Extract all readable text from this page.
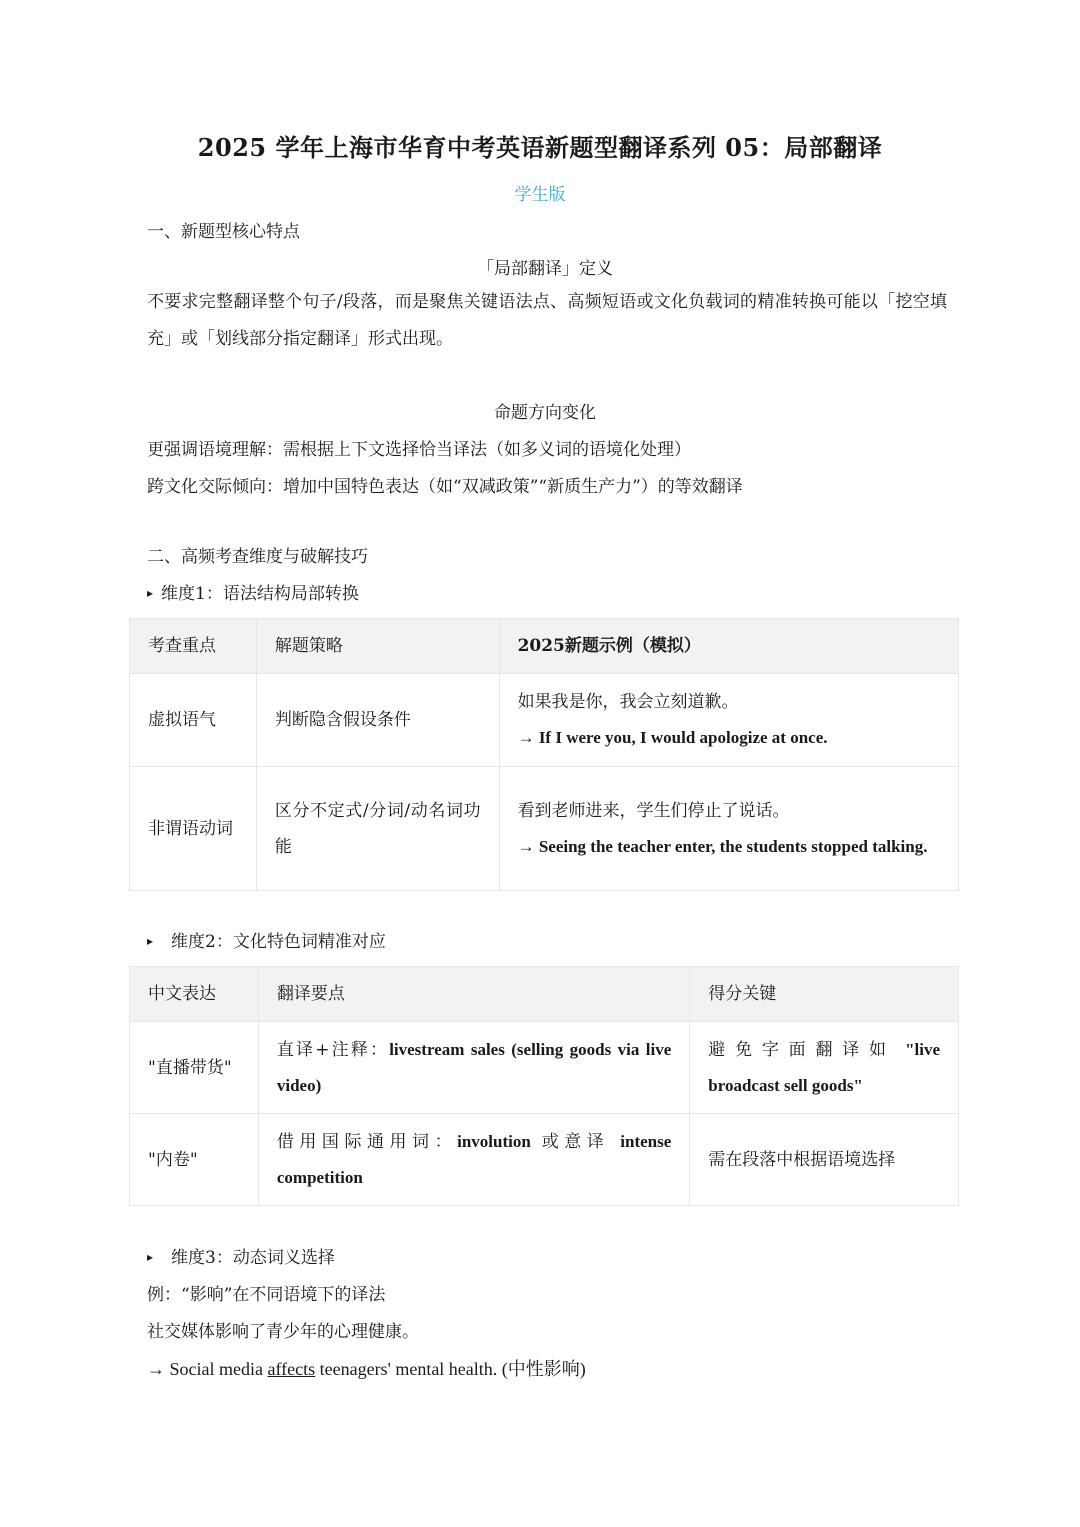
2025 学年上海市华育中考英语新题型翻译系列 05：局部翻译
学生版
一、新题型核心特点
「局部翻译」定义
不要求完整翻译整个句子/段落，而是聚焦关键语法点、高频短语或文化负载词的精准转换可能以「挖空填充」或「划线部分指定翻译」形式出现。
命题方向变化
更强调语境理解：需根据上下文选择恰当译法（如多义词的语境化处理）
跨文化交际倾向：增加中国特色表达（如“双减政策”“新质生产力”）的等效翻译
二、高频考查维度与破解技巧
▸ 维度1：语法结构局部转换
考查重点	解题策略	2025新题示例（模拟）
虚拟语气	判断隐含假设条件	如果我是你，我会立刻道歉。
→ If I were you, I would apologize at once.

非谓语动词	区分不定式/分词/动名词功能	看到老师进来，学生们停止了说话。
→ Seeing the teacher enter, the students stopped talking.
▸ 维度2：文化特色词精准对应
中文表达	翻译要点	得分关键
"直播带货"	直译+注释：livestream sales (selling goods via live video)	避免字面翻译如 "live broadcast sell goods"
"内卷"	借用国际通用词：involution 或意译 intense competition	需在段落中根据语境选择
▸ 维度3：动态词义选择
例：“影响”在不同语境下的译法
社交媒体影响了青少年的心理健康。
→ Social media affects teenagers' mental health. (中性影响)
